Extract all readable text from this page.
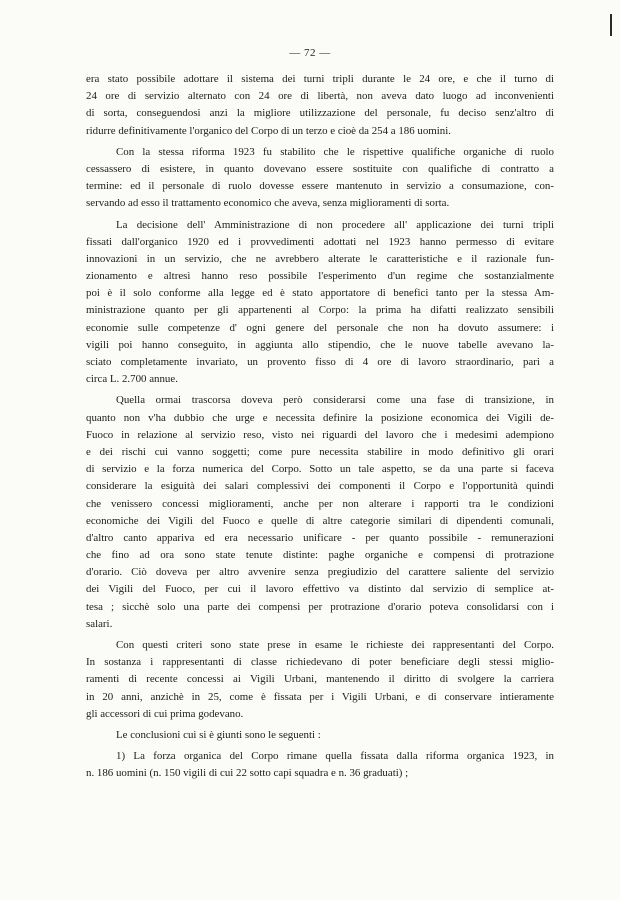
— 72 —
era stato possibile adottare il sistema dei turni tripli durante le 24 ore, e che il turno di
24 ore di servizio alternato con 24 ore di libertà, non aveva dato luogo ad inconvenienti
di sorta, conseguendosi anzi la migliore utilizzazione del personale, fu deciso senz'altro di
ridurre definitivamente l'organico del Corpo di un terzo e cioè da 254 a 186 uomini.
Con la stessa riforma 1923 fu stabilito che le rispettive qualifiche organiche di ruolo
cessassero di esistere, in quanto dovevano essere sostituite con qualifiche di contratto a
termine: ed il personale di ruolo dovesse essere mantenuto in servizio a consumazione, con-
servando ad esso il trattamento economico che aveva, senza miglioramenti di sorta.
La decisione dell' Amministrazione di non procedere all' applicazione dei turni tripli
fissati dall'organico 1920 ed i provvedimenti adottati nel 1923 hanno permesso di evitare
innovazioni in un servizio, che ne avrebbero alterate le caratteristiche e il razionale fun-
zionamento e altresì hanno reso possibile l'esperimento d'un regime che sostanzialmente
poi è il solo conforme alla legge ed è stato apportatore di benefici tanto per la stessa Am-
ministrazione quanto per gli appartenenti al Corpo: la prima ha difatti realizzato sensibili
economie sulle competenze d' ogni genere del personale che non ha dovuto assumere: i
vigili poi hanno conseguito, in aggiunta allo stipendio, che le nuove tabelle avevano la-
sciato completamente invariato, un provento fisso di 4 ore di lavoro straordinario, pari a
circa L. 2.700 annue.
Quella ormai trascorsa doveva però considerarsi come una fase di transizione, in
quanto non v'ha dubbio che urge e necessita definire la posizione economica dei Vigili de-
Fuoco in relazione al servizio reso, visto nei riguardi del lavoro che i medesimi adempiono
e dei rischi cui vanno soggetti; come pure necessita stabilire in modo definitivo gli orari
di servizio e la forza numerica del Corpo. Sotto un tale aspetto, se da una parte si faceva
considerare la esiguità dei salari complessivi dei componenti il Corpo e l'opportunità quindi
che venissero concessi miglioramenti, anche per non alterare i rapporti tra le condizioni
economiche dei Vigili del Fuoco e quelle di altre categorie similari di dipendenti comunali,
d'altro canto appariva ed era necessario unificare - per quanto possibile - remunerazioni
che fino ad ora sono state tenute distinte: paghe organiche e compensi di protrazione
d'orario. Ciò doveva per altro avvenire senza pregiudizio del carattere saliente del servizio
dei Vigili del Fuoco, per cui il lavoro effettivo va distinto dal servizio di semplice at-
tesa ; sicchè solo una parte dei compensi per protrazione d'orario poteva consolidarsi con i
salari.
Con questi criteri sono state prese in esame le richieste dei rappresentanti del Corpo.
In sostanza i rappresentanti di classe richiedevano di poter beneficiare degli stessi miglio-
ramenti di recente concessi ai Vigili Urbani, mantenendo il diritto di svolgere la carriera
in 20 anni, anzichè in 25, come è fissata per i Vigili Urbani, e di conservare intieramente
gli accessori di cui prima godevano.
Le conclusioni cui si è giunti sono le seguenti :
1) La forza organica del Corpo rimane quella fissata dalla riforma organica 1923, in
n. 186 uomini (n. 150 vigili di cui 22 sotto capi squadra e n. 36 graduati) ;
